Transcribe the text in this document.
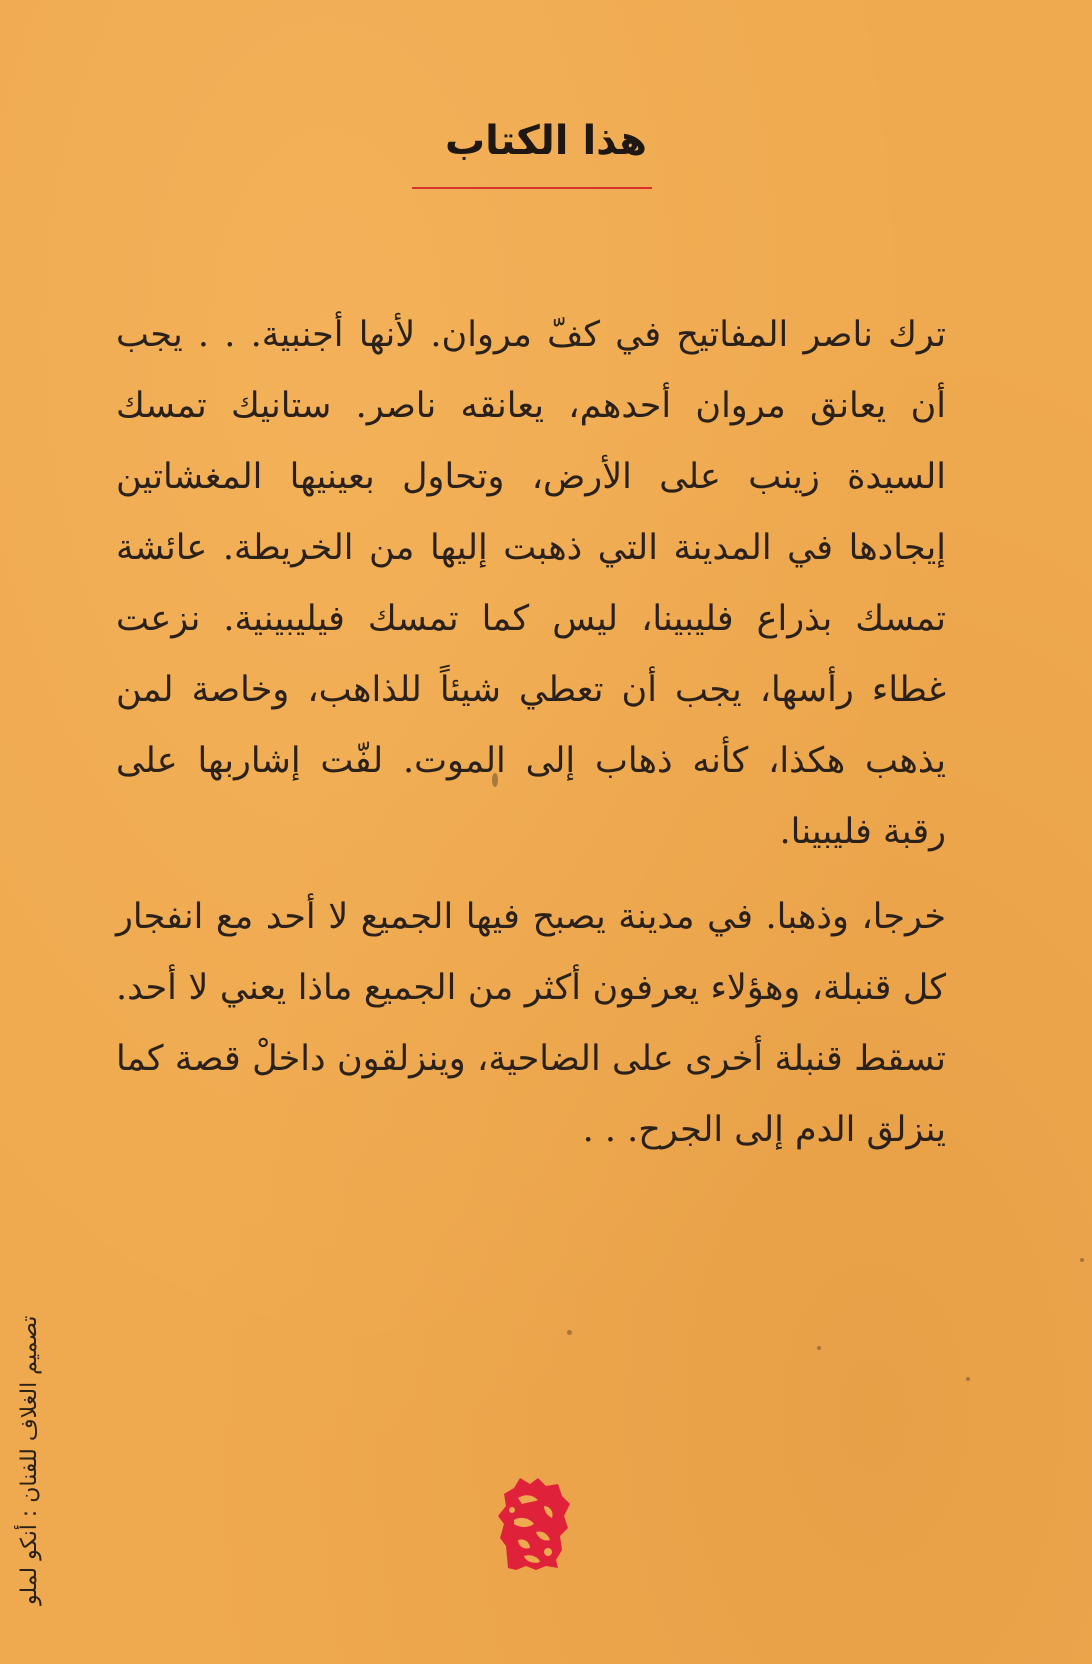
هذا الكتاب

ترك ناصر المفاتيح في كفّ مروان. لأنها أجنبية. . . يجب أن يعانق مروان أحدهم، يعانقه ناصر. ستانيك تمسك السيدة زينب على الأرض، وتحاول بعينيها المغشاتين إيجادها في المدينة التي ذهبت إليها من الخريطة. عائشة تمسك بذراع فليبينا، ليس كما تمسك فيليبينية. نزعت غطاء رأسها، يجب أن تعطي شيئاً للذاهب، وخاصة لمن يذهب هكذا، كأنه ذهاب إلى الموت. لفّت إشاربها على رقبة فليبينا.

خرجا، وذهبا. في مدينة يصبح فيها الجميع لا أحد مع انفجار كل قنبلة، وهؤلاء يعرفون أكثر من الجميع ماذا يعني لا أحد. تسقط قنبلة أخرى على الضاحية، وينزلقون داخلْ قصة كما ينزلق الدم إلى الجرح. . .

تصميم الغلاف للفنان : أنكو لملو
